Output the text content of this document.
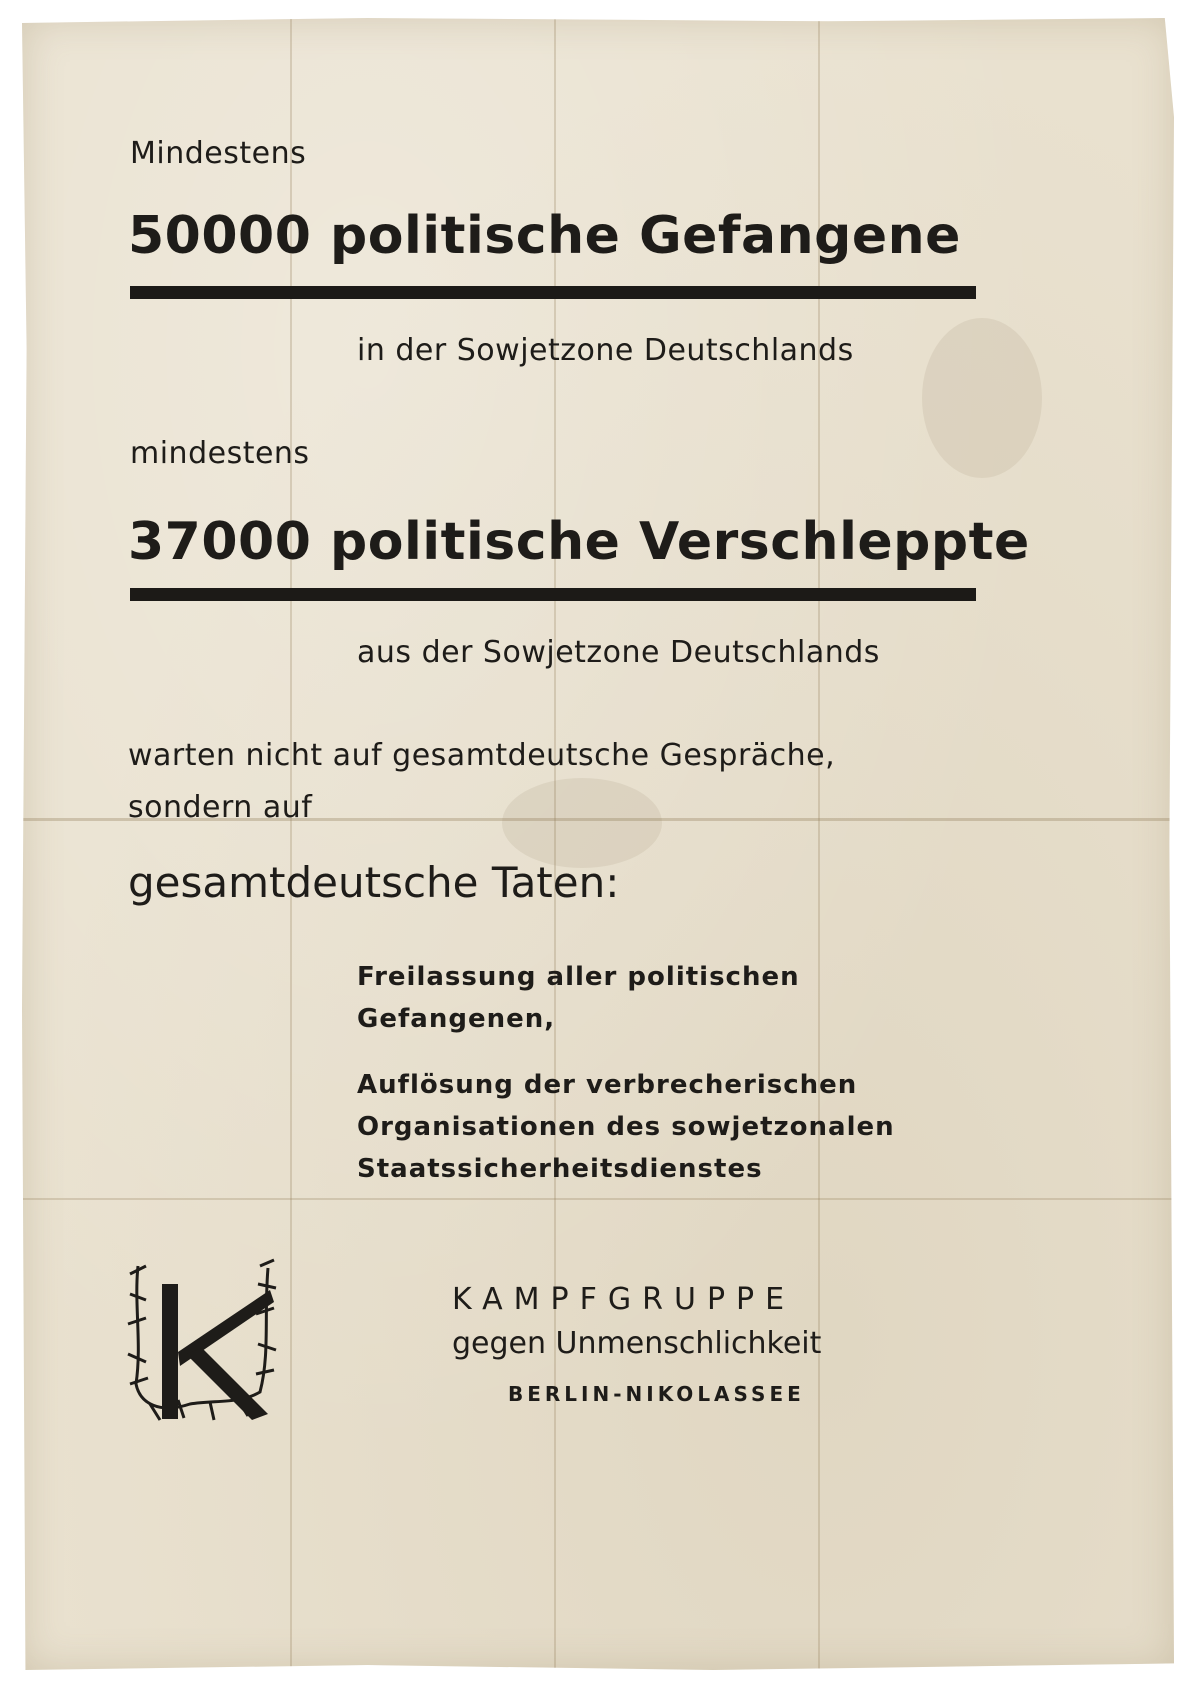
Mindestens
50000 politische Gefangene
in der Sowjetzone Deutschlands
mindestens
37000 politische Verschleppte
aus der Sowjetzone Deutschlands
warten nicht auf gesamtdeutsche Gespräche,
sondern auf
gesamtdeutsche Taten:
Freilassung aller politischen
Gefangenen,
Auflösung der verbrecherischen
Organisationen des sowjetzonalen
Staatssicherheitsdienstes
K
KAMPFGRUPPE
gegen Unmenschlichkeit
BERLIN-NIKOLASSEE
